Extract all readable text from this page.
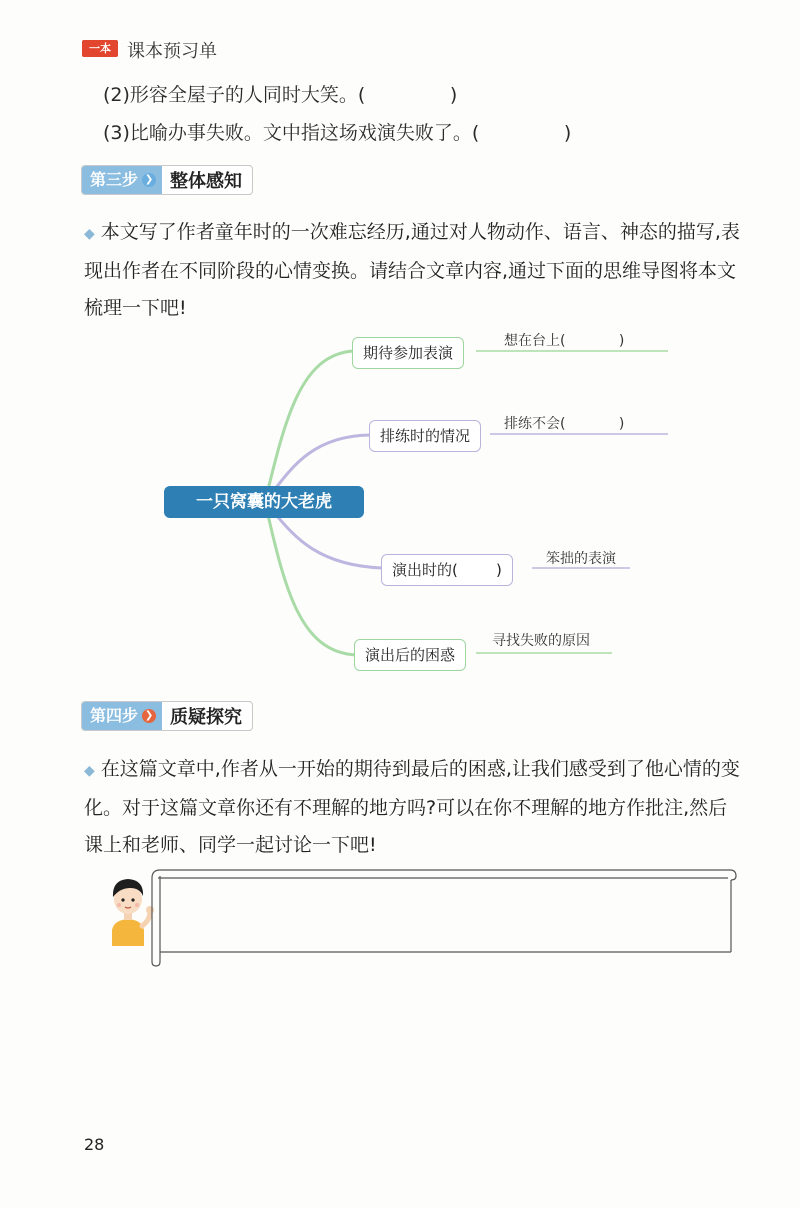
一本 课本预习单
(2)形容全屋子的人同时大笑。(              )
(3)比喻办事失败。文中指这场戏演失败了。(              )
第三步 ❯ 整体感知
◆ 本文写了作者童年时的一次难忘经历,通过对人物动作、语言、神态的描写,表现出作者在不同阶段的心情变换。请结合文章内容,通过下面的思维导图将本文梳理一下吧!
一只窝囊的大老虎
期待参加表演
想在台上(            )
排练时的情况
排练不会(            )
演出时的(        )
笨拙的表演
演出后的困惑
寻找失败的原因
第四步 ❯ 质疑探究
◆ 在这篇文章中,作者从一开始的期待到最后的困惑,让我们感受到了他心情的变化。对于这篇文章你还有不理解的地方吗?可以在你不理解的地方作批注,然后课上和老师、同学一起讨论一下吧!
28
